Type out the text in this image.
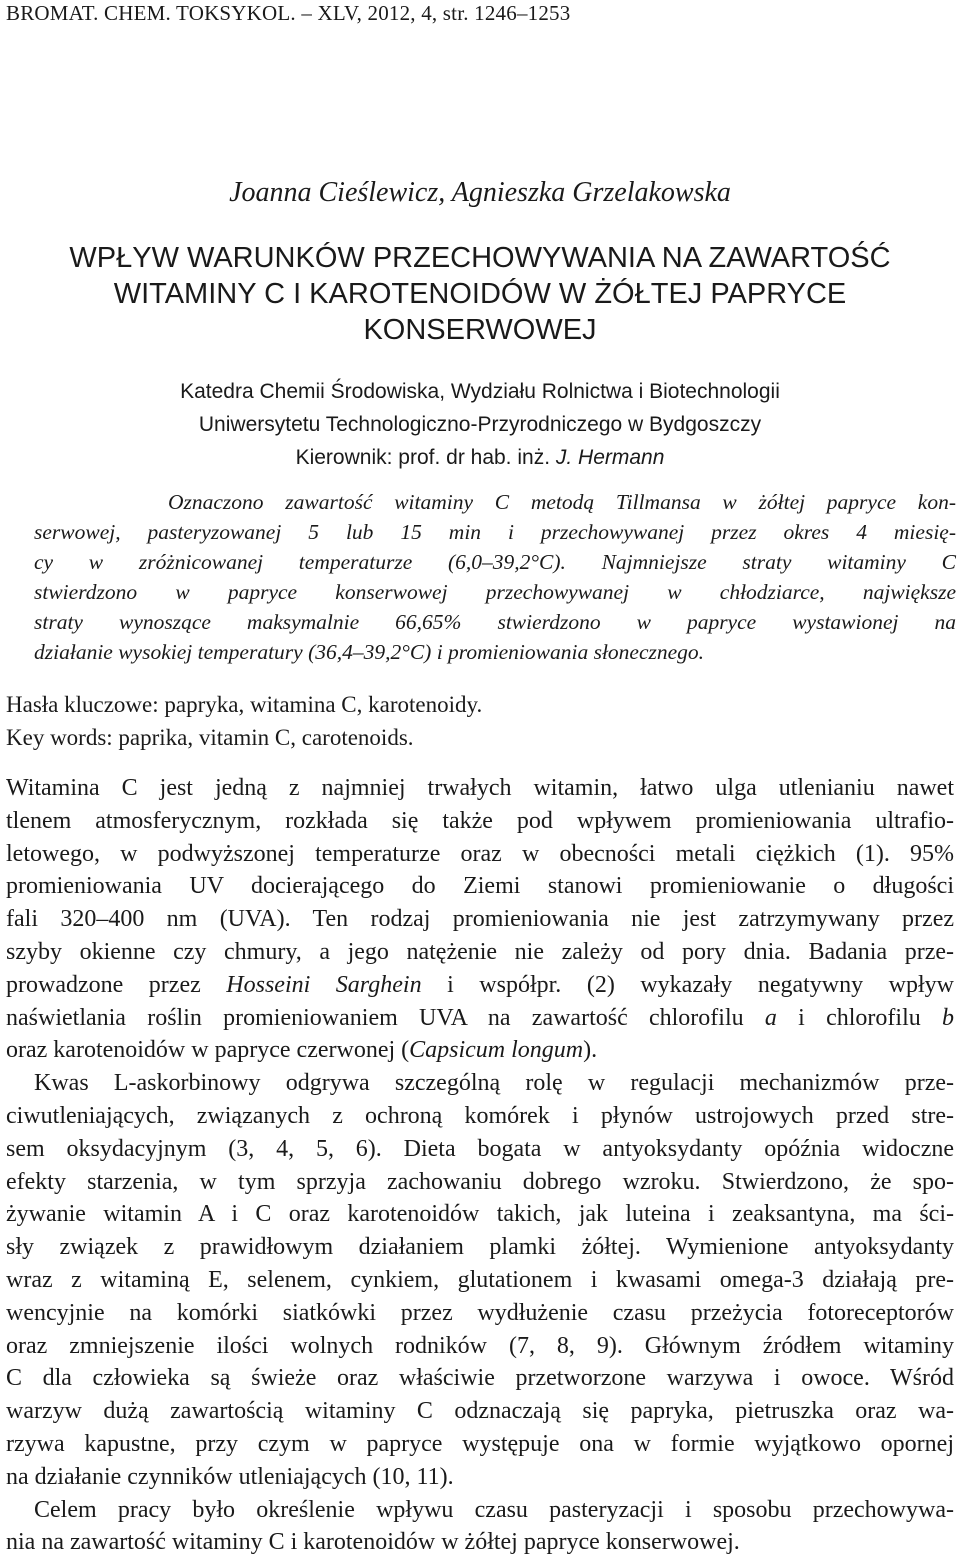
BROMAT. CHEM. TOKSYKOL. – XLV, 2012, 4, str. 1246–1253
Joanna Cieślewicz, Agnieszka Grzelakowska
WPŁYW WARUNKÓW PRZECHOWYWANIA NA ZAWARTOŚĆ
WITAMINY C I KAROTENOIDÓW W ŻÓŁTEJ PAPRYCE
KONSERWOWEJ
Katedra Chemii Środowiska, Wydziału Rolnictwa i Biotechnologii
Uniwersytetu Technologiczno-Przyrodniczego w Bydgoszczy
Kierownik: prof. dr hab. inż. J. Hermann
Oznaczono zawartość witaminy C metodą Tillmansa w żółtej papryce kon-
serwowej, pasteryzowanej 5 lub 15 min i przechowywanej przez okres 4 miesię-
cy w zróżnicowanej temperaturze (6,0–39,2°C). Najmniejsze straty witaminy C
stwierdzono w papryce konserwowej przechowywanej w chłodziarce, największe
straty wynoszące maksymalnie 66,65% stwierdzono w papryce wystawionej na
działanie wysokiej temperatury (36,4–39,2°C) i promieniowania słonecznego.
Hasła kluczowe: papryka, witamina C, karotenoidy.
Key words: paprika, vitamin C, carotenoids.
Witamina C jest jedną z najmniej trwałych witamin, łatwo ulga utlenianiu nawet
tlenem atmosferycznym, rozkłada się także pod wpływem promieniowania ultrafio-
letowego, w podwyższonej temperaturze oraz w obecności metali ciężkich (1). 95%
promieniowania UV docierającego do Ziemi stanowi promieniowanie o długości
fali 320–400 nm (UVA). Ten rodzaj promieniowania nie jest zatrzymywany przez
szyby okienne czy chmury, a jego natężenie nie zależy od pory dnia. Badania prze-
prowadzone przez Hosseini Sarghein i współpr. (2) wykazały negatywny wpływ
naświetlania roślin promieniowaniem UVA na zawartość chlorofilu a i chlorofilu b
oraz karotenoidów w papryce czerwonej (Capsicum longum).
Kwas L-askorbinowy odgrywa szczególną rolę w regulacji mechanizmów prze-
ciwutleniających, związanych z ochroną komórek i płynów ustrojowych przed stre-
sem oksydacyjnym (3, 4, 5, 6). Dieta bogata w antyoksydanty opóźnia widoczne
efekty starzenia, w tym sprzyja zachowaniu dobrego wzroku. Stwierdzono, że spo-
żywanie witamin A i C oraz karotenoidów takich, jak luteina i zeaksantyna, ma ści-
sły związek z prawidłowym działaniem plamki żółtej. Wymienione antyoksydanty
wraz z witaminą E, selenem, cynkiem, glutationem i kwasami omega-3 działają pre-
wencyjnie na komórki siatkówki przez wydłużenie czasu przeżycia fotoreceptorów
oraz zmniejszenie ilości wolnych rodników (7, 8, 9). Głównym źródłem witaminy
C dla człowieka są świeże oraz właściwie przetworzone warzywa i owoce. Wśród
warzyw dużą zawartością witaminy C odznaczają się papryka, pietruszka oraz wa-
rzywa kapustne, przy czym w papryce występuje ona w formie wyjątkowo opornej
na działanie czynników utleniających (10, 11).
Celem pracy było określenie wpływu czasu pasteryzacji i sposobu przechowywa-
nia na zawartość witaminy C i karotenoidów w żółtej papryce konserwowej.
